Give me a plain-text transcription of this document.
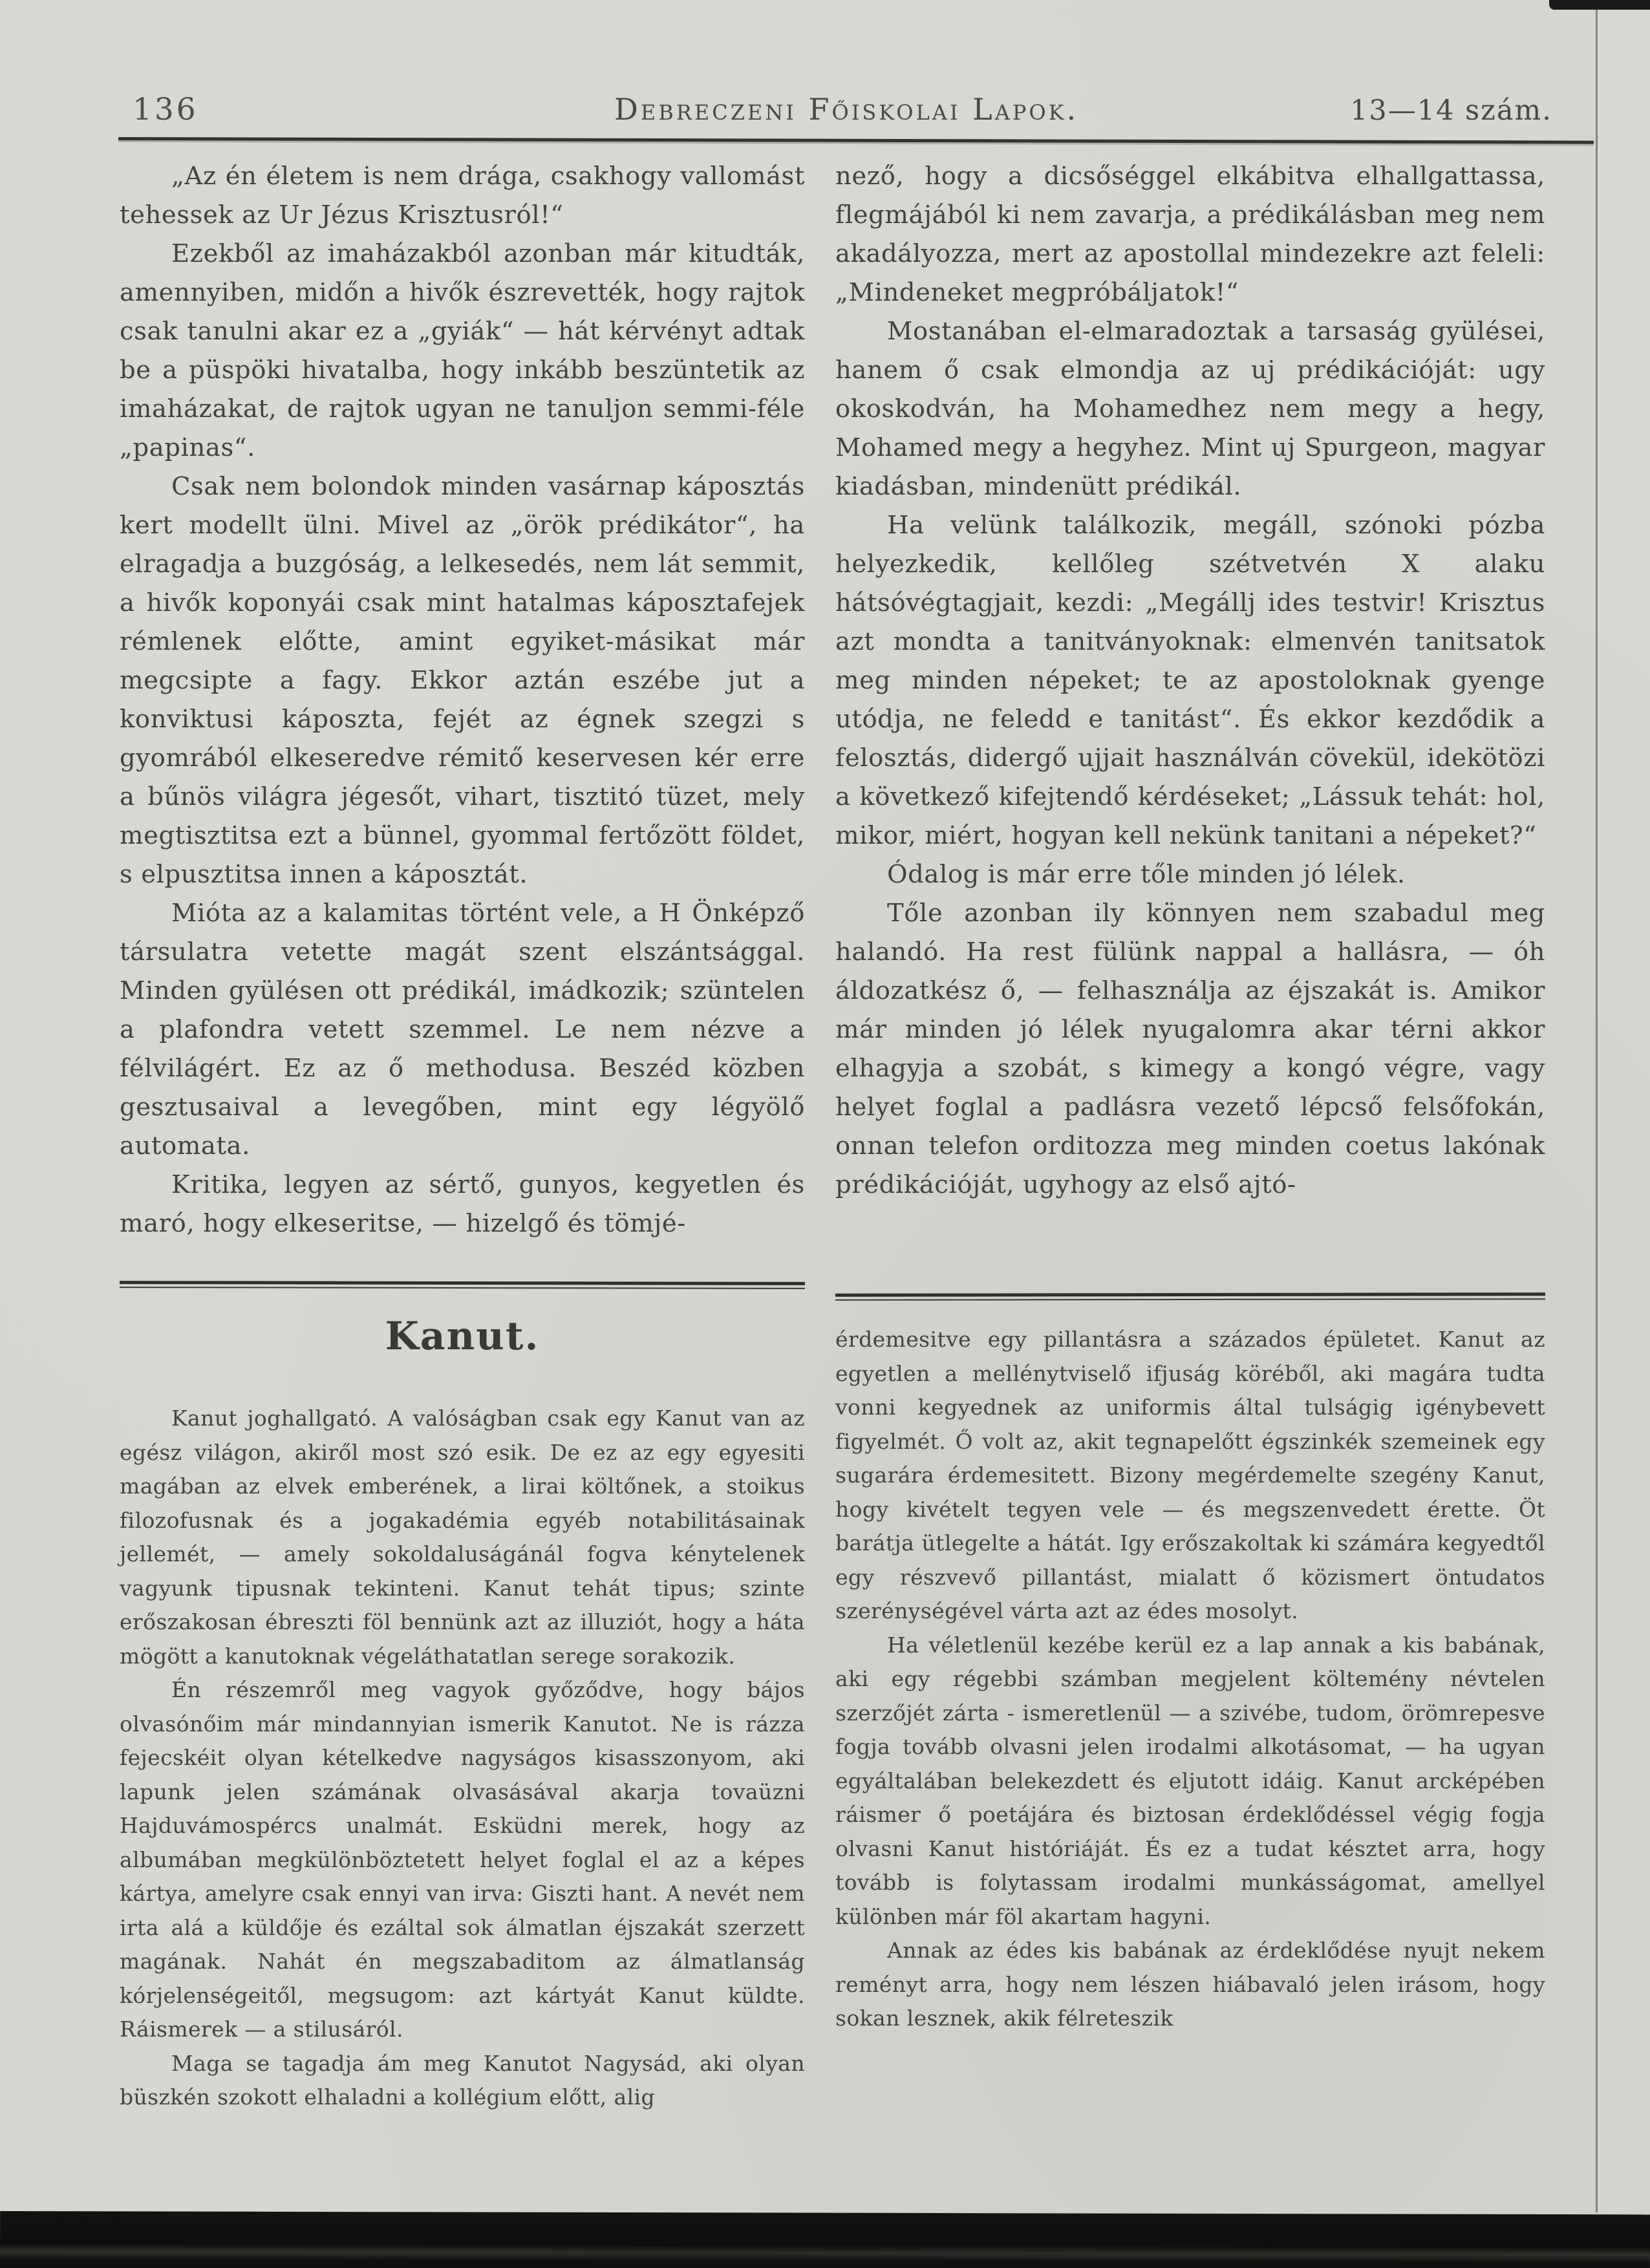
136	Debreczeni Főiskolai Lapok.	13—14 szám.

„Az én életem is nem drága, csakhogy vallomást tehessek az Ur Jézus Krisztusról!“

Ezekből az imaházakból azonban már kitudták, amennyiben, midőn a hivők észrevették, hogy rajtok csak tanulni akar ez a „gyiák“ — hát kérvényt adtak be a püspöki hivatalba, hogy inkább beszüntetik az imaházakat, de rajtok ugyan ne tanuljon semmi-féle „papinas“.

Csak nem bolondok minden vasárnap káposztás kert modellt ülni. Mivel az „örök prédikátor“, ha elragadja a buzgóság, a lelkesedés, nem lát semmit, a hivők koponyái csak mint hatalmas káposztafejek rémlenek előtte, amint egyiket-másikat már megcsipte a fagy. Ekkor aztán eszébe jut a konviktusi káposzta, fejét az égnek szegzi s gyomrából elkeseredve rémitő keservesen kér erre a bűnös világra jégesőt, vihart, tisztitó tüzet, mely megtisztitsa ezt a bünnel, gyommal fertőzött földet, s elpusztitsa innen a káposztát.

Mióta az a kalamitas történt vele, a H Önképző társulatra vetette magát szent elszántsággal. Minden gyülésen ott prédikál, imádkozik; szüntelen a plafondra vetett szemmel. Le nem nézve a félvilágért. Ez az ő methodusa. Beszéd közben gesztusaival a levegőben, mint egy légyölő automata.

Kritika, legyen az sértő, gunyos, kegyetlen és maró, hogy elkeseritse, — hizelgő és tömjé-

nező, hogy a dicsőséggel elkábitva elhallgattassa, flegmájából ki nem zavarja, a prédikálásban meg nem akadályozza, mert az apostollal mindezekre azt feleli: „Mindeneket megpróbáljatok!“

Mostanában el-elmaradoztak a tarsaság gyülései, hanem ő csak elmondja az uj prédikációját: ugy okoskodván, ha Mohamedhez nem megy a hegy, Mohamed megy a hegyhez. Mint uj Spurgeon, magyar kiadásban, mindenütt prédikál.

Ha velünk találkozik, megáll, szónoki pózba helyezkedik, kellőleg szétvetvén X alaku hátsóvégtagjait, kezdi: „Megállj ides testvir! Krisztus azt mondta a tanitványoknak: elmenvén tanitsatok meg minden népeket; te az apostoloknak gyenge utódja, ne feledd e tanitást“. És ekkor kezdődik a felosztás, didergő ujjait használván cövekül, idekötözi a következő kifejtendő kérdéseket; „Lássuk tehát: hol, mikor, miért, hogyan kell nekünk tanitani a népeket?“

Ódalog is már erre tőle minden jó lélek.

Tőle azonban ily könnyen nem szabadul meg halandó. Ha rest fülünk nappal a hallásra, — óh áldozatkész ő, — felhasználja az éjszakát is. Amikor már minden jó lélek nyugalomra akar térni akkor elhagyja a szobát, s kimegy a kongó végre, vagy helyet foglal a padlásra vezető lépcső felsőfokán, onnan telefon orditozza meg minden coetus lakónak prédikációját, ugyhogy az első ajtó-

Kanut.

Kanut joghallgató. A valóságban csak egy Kanut van az egész világon, akiről most szó esik. De ez az egy egyesiti magában az elvek emberének, a lirai költőnek, a stoikus filozofusnak és a jogakadémia egyéb notabilitásainak jellemét, — amely sokoldaluságánál fogva kénytelenek vagyunk tipusnak tekinteni. Kanut tehát tipus; szinte erőszakosan ébreszti föl bennünk azt az illuziót, hogy a háta mögött a kanutoknak végeláthatatlan serege sorakozik.

Én részemről meg vagyok győződve, hogy bájos olvasónőim már mindannyian ismerik Kanutot. Ne is rázza fejecskéit olyan kételkedve nagyságos kisasszonyom, aki lapunk jelen számának olvasásával akarja tovaüzni Hajduvámospércs unalmát. Esküdni merek, hogy az albumában megkülönböztetett helyet foglal el az a képes kártya, amelyre csak ennyi van irva: Giszti hant. A nevét nem irta alá a küldője és ezáltal sok álmatlan éjszakát szerzett magának. Nahát én megszabaditom az álmatlanság kórjelenségeitől, megsugom: azt kártyát Kanut küldte. Ráismerek — a stilusáról.

Maga se tagadja ám meg Kanutot Nagysád, aki olyan büszkén szokott elhaladni a kollégium előtt, alig

érdemesitve egy pillantásra a százados épületet. Kanut az egyetlen a mellénytviselő ifjuság köréből, aki magára tudta vonni kegyednek az uniformis által tulságig igénybevett figyelmét. Ő volt az, akit tegnapelőtt égszinkék szemeinek egy sugarára érdemesitett. Bizony megérdemelte szegény Kanut, hogy kivételt tegyen vele — és megszenvedett érette. Öt barátja ütlegelte a hátát. Igy erőszakoltak ki számára kegyedtől egy részvevő pillantást, mialatt ő közismert öntudatos szerénységével várta azt az édes mosolyt.

Ha véletlenül kezébe kerül ez a lap annak a kis babának, aki egy régebbi számban megjelent költemény névtelen szerzőjét zárta - ismeretlenül — a szivébe, tudom, örömrepesve fogja tovább olvasni jelen irodalmi alkotásomat, — ha ugyan egyáltalában belekezdett és eljutott idáig. Kanut arcképében ráismer ő poetájára és biztosan érdeklődéssel végig fogja olvasni Kanut históriáját. És ez a tudat késztet arra, hogy tovább is folytassam irodalmi munkásságomat, amellyel különben már föl akartam hagyni.

Annak az édes kis babának az érdeklődése nyujt nekem reményt arra, hogy nem lészen hiábavaló jelen irásom, hogy sokan lesznek, akik félreteszik
